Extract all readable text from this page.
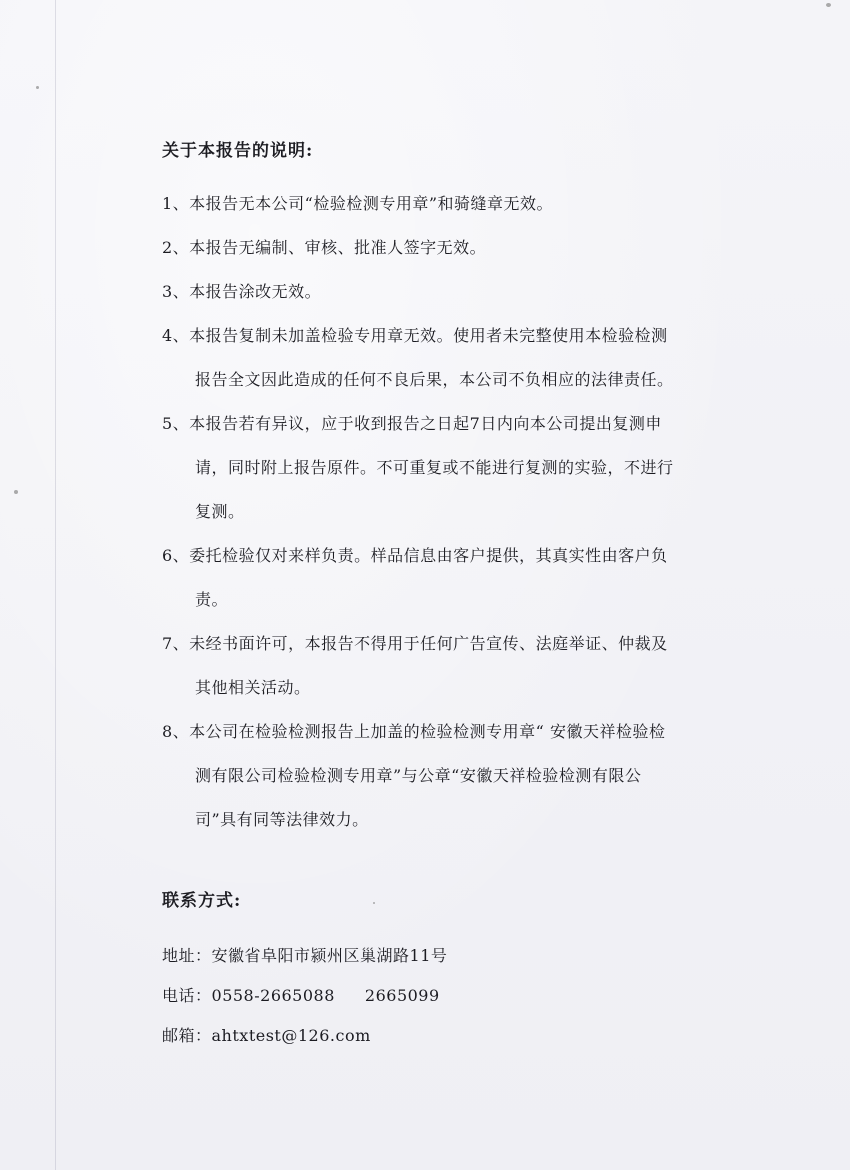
关于本报告的说明:
1、本报告无本公司“检验检测专用章”和骑缝章无效。
2、本报告无编制、审核、批准人签字无效。
3、本报告涂改无效。
4、本报告复制未加盖检验专用章无效。使用者未完整使用本检验检测
报告全文因此造成的任何不良后果，本公司不负相应的法律责任。
5、本报告若有异议，应于收到报告之日起7日内向本公司提出复测申
请，同时附上报告原件。不可重复或不能进行复测的实验，不进行
复测。
6、委托检验仅对来样负责。样品信息由客户提供，其真实性由客户负
责。
7、未经书面许可，本报告不得用于任何广告宣传、法庭举证、仲裁及
其他相关活动。
8、本公司在检验检测报告上加盖的检验检测专用章“ 安徽天祥检验检
测有限公司检验检测专用章”与公章“安徽天祥检验检测有限公
司”具有同等法律效力。
联系方式:
地址：安徽省阜阳市颍州区巢湖路11号
电话：0558-2665088 2665099
邮箱：ahtxtest@126.com
